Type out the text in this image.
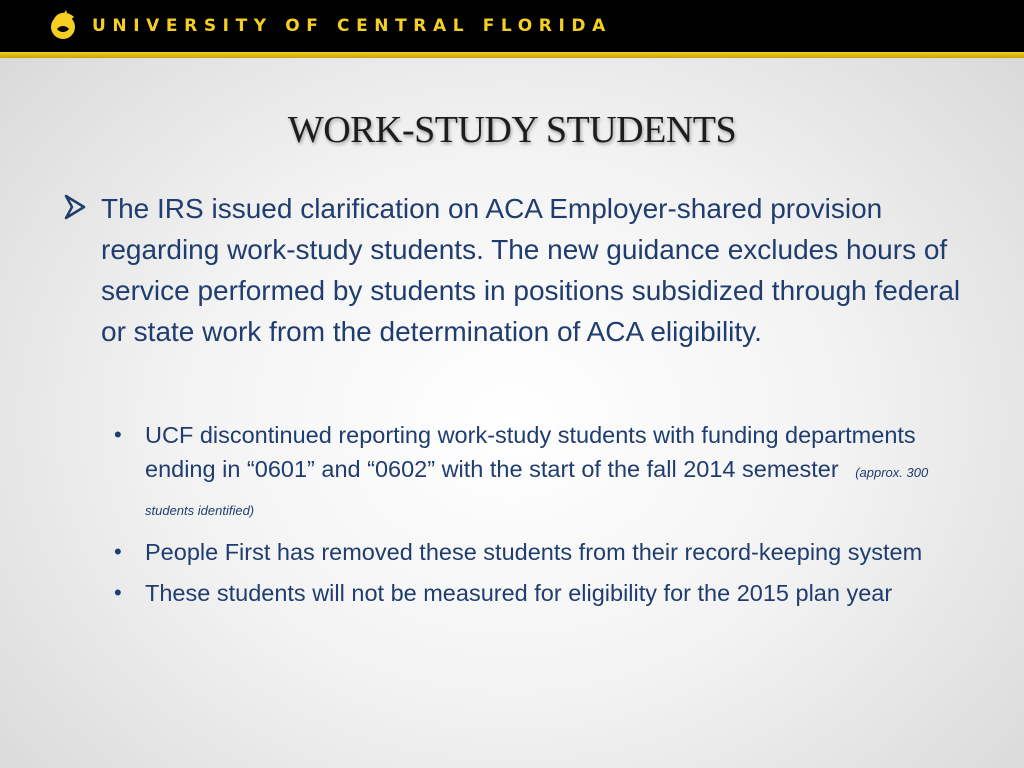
UNIVERSITY OF CENTRAL FLORIDA
WORK-STUDY STUDENTS
The IRS issued clarification on ACA Employer-shared provision regarding work-study students. The new guidance excludes hours of service performed by students in positions subsidized through federal or state work from the determination of ACA eligibility.
• UCF discontinued reporting work-study students with funding departments ending in “0601” and “0602” with the start of the fall 2014 semester (approx. 300 students identified)
• People First has removed these students from their record-keeping system
• These students will not be measured for eligibility for the 2015 plan year
